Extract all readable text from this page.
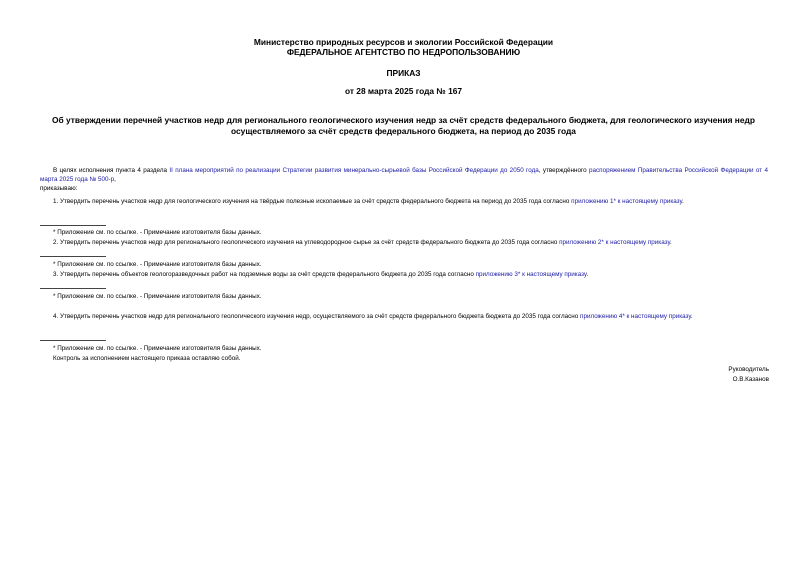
Министерство природных ресурсов и экологии Российской Федерации
ФЕДЕРАЛЬНОЕ АГЕНТСТВО ПО НЕДРОПОЛЬЗОВАНИЮ
ПРИКАЗ
от 28 марта 2025 года № 167
Об утверждении перечней участков недр для регионального геологического изучения недр за счёт средств федерального бюджета, для геологического изучения недр осуществляемого за счёт средств федерального бюджета, на период до 2035 года
В целях исполнения пункта 4 раздела II плана мероприятий по реализации Стратегии развития минерально-сырьевой базы Российской Федерации до 2050 года, утверждённого распоряжением Правительства Российской Федерации от 4 марта 2025 года № 500-р,
приказываю:
1. Утвердить перечень участков недр для геологического изучения на твёрдые полезные ископаемые за счёт средств федерального бюджета на период до 2035 года согласно приложению 1* к настоящему приказу.
* Приложение см. по ссылке. - Примечание изготовителя базы данных.
2. Утвердить перечень участков недр для регионального геологического изучения на углеводородное сырье за счёт средств федерального бюджета до 2035 года согласно приложению 2* к настоящему приказу.
* Приложение см. по ссылке. - Примечание изготовителя базы данных.
3. Утвердить перечень объектов геологоразведочных работ на подземные воды за счёт средств федерального бюджета до 2035 года согласно приложению 3* к настоящему приказу.
* Приложение см. по ссылке. - Примечание изготовителя базы данных.
4. Утвердить перечень участков недр для регионального геологического изучения недр, осуществляемого за счёт средств федерального бюджета бюджета до 2035 года согласно приложению 4* к настоящему приказу.
* Приложение см. по ссылке. - Примечание изготовителя базы данных.
Контроль за исполнением настоящего приказа оставляю собой.
Руководитель
О.В.Казанов
